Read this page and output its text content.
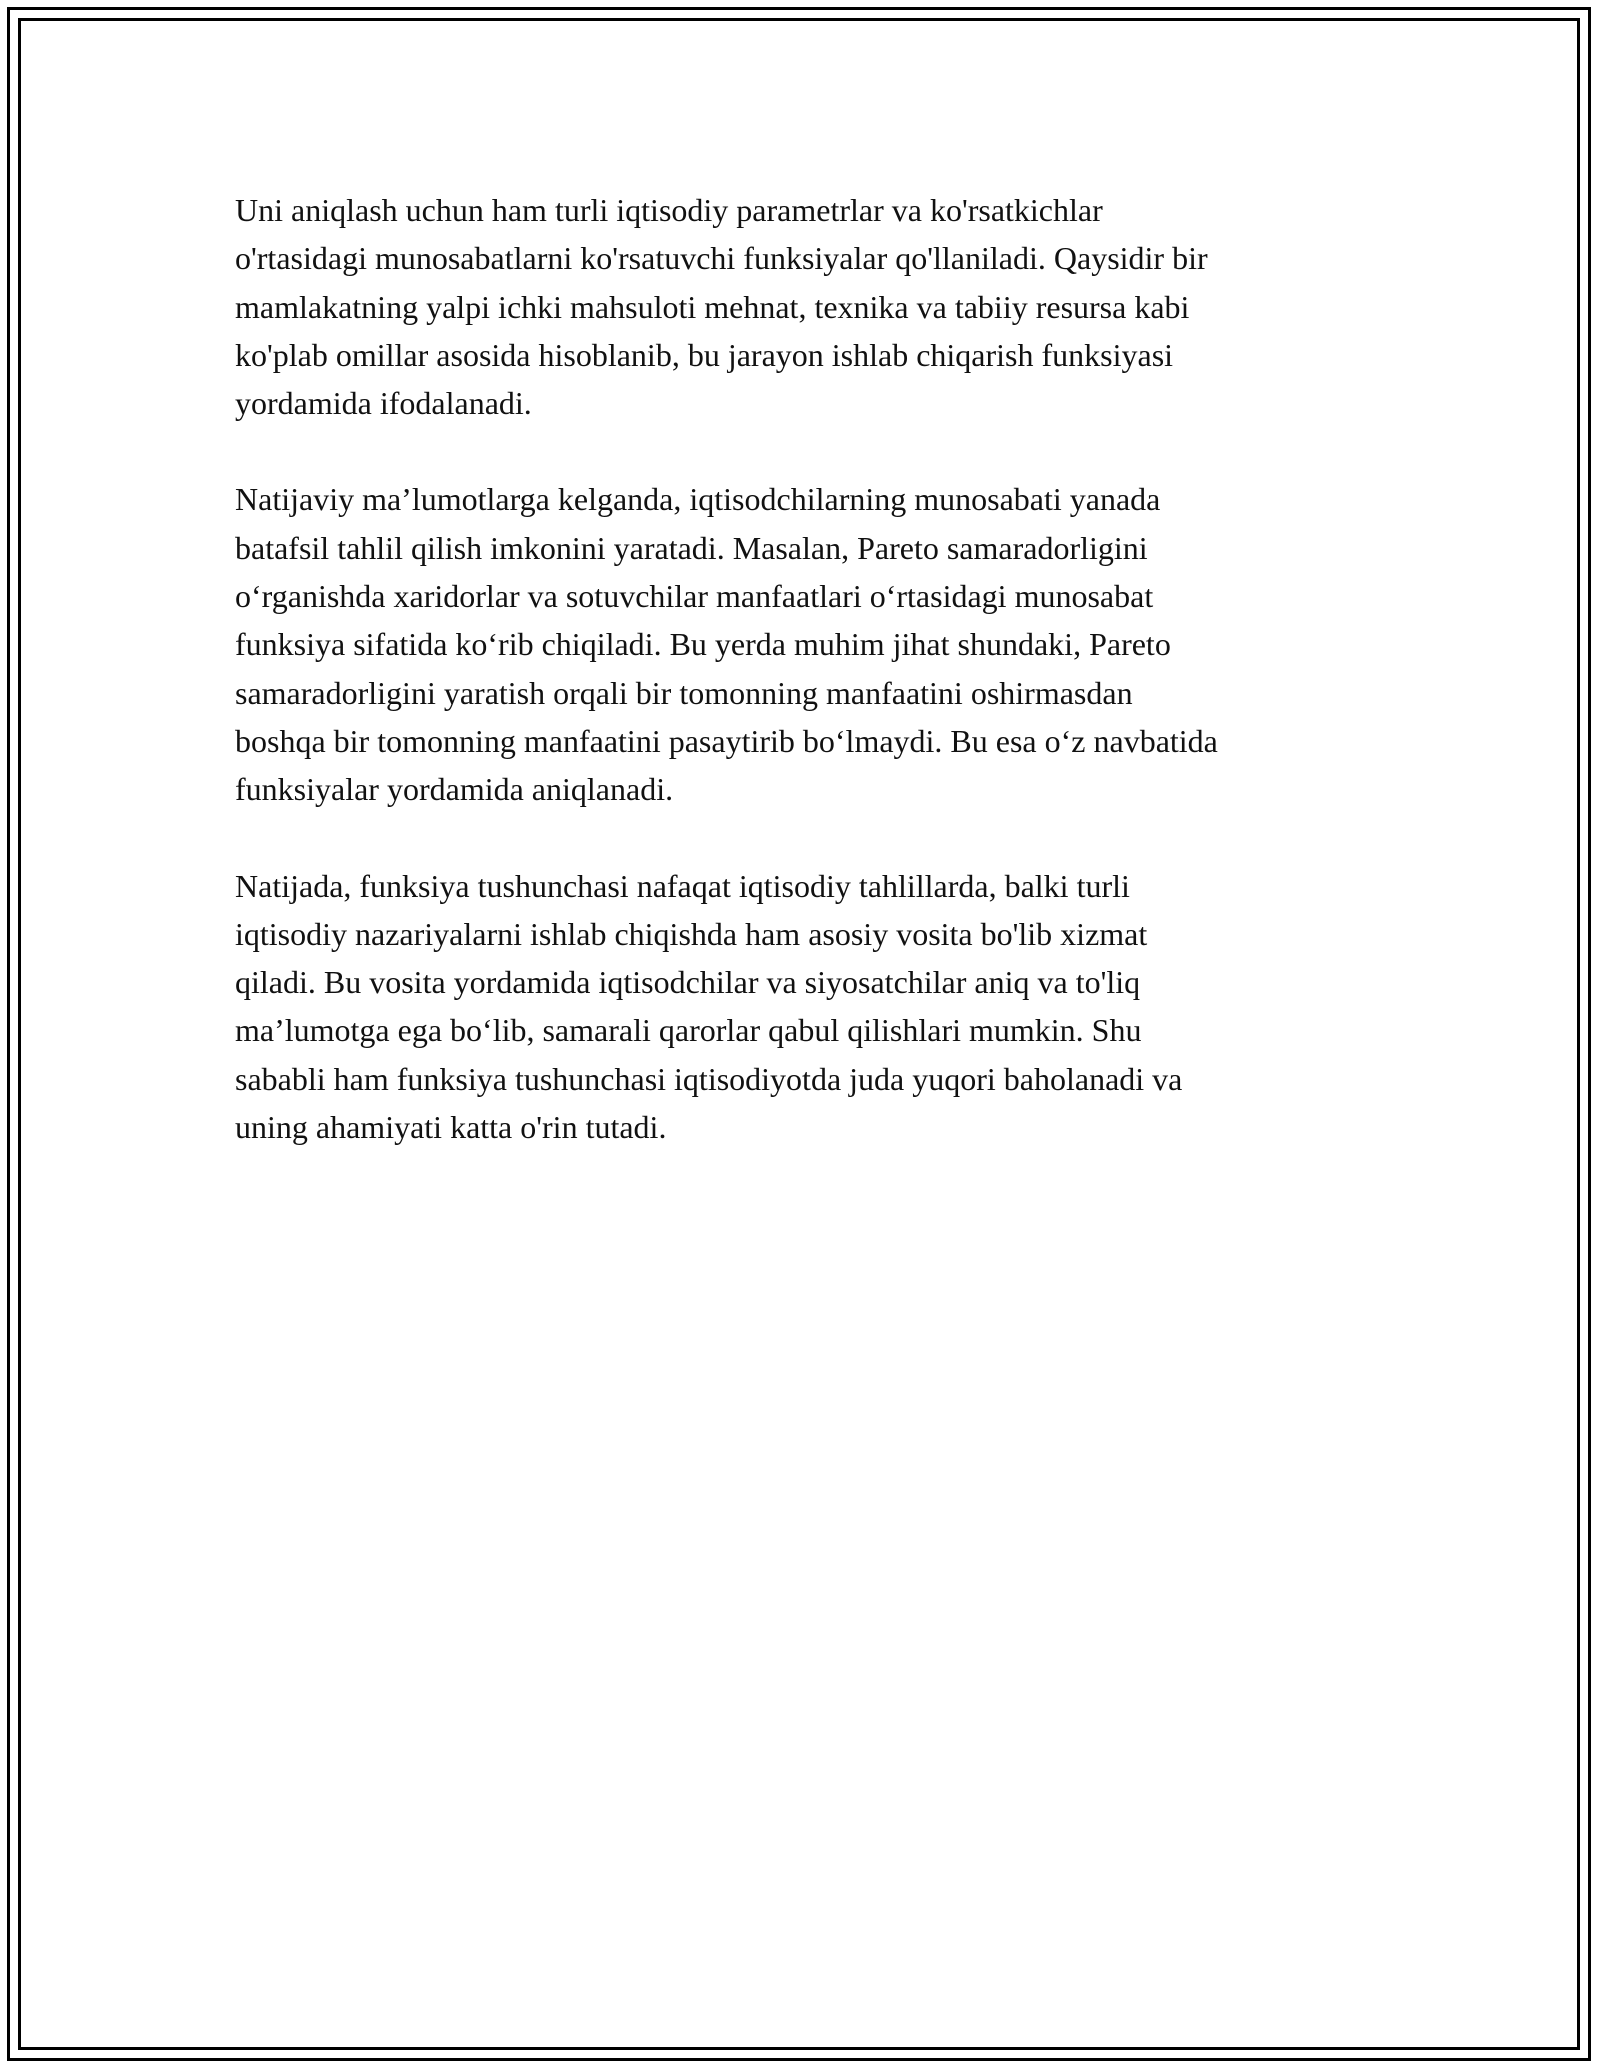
Uni aniqlash uchun ham turli iqtisodiy parametrlar va ko'rsatkichlar
o'rtasidagi munosabatlarni ko'rsatuvchi funksiyalar qo'llaniladi. Qaysidir bir
mamlakatning yalpi ichki mahsuloti mehnat, texnika va tabiiy resursa kabi
ko'plab omillar asosida hisoblanib, bu jarayon ishlab chiqarish funksiyasi
yordamida ifodalanadi.

Natijaviy ma’lumotlarga kelganda, iqtisodchilarning munosabati yanada
batafsil tahlil qilish imkonini yaratadi. Masalan, Pareto samaradorligini
o‘rganishda xaridorlar va sotuvchilar manfaatlari o‘rtasidagi munosabat
funksiya sifatida ko‘rib chiqiladi. Bu yerda muhim jihat shundaki, Pareto
samaradorligini yaratish orqali bir tomonning manfaatini oshirmasdan
boshqa bir tomonning manfaatini pasaytirib bo‘lmaydi. Bu esa o‘z navbatida
funksiyalar yordamida aniqlanadi.

Natijada, funksiya tushunchasi nafaqat iqtisodiy tahlillarda, balki turli
iqtisodiy nazariyalarni ishlab chiqishda ham asosiy vosita bo'lib xizmat
qiladi. Bu vosita yordamida iqtisodchilar va siyosatchilar aniq va to'liq
ma’lumotga ega bo‘lib, samarali qarorlar qabul qilishlari mumkin. Shu
sababli ham funksiya tushunchasi iqtisodiyotda juda yuqori baholanadi va
uning ahamiyati katta o'rin tutadi.
